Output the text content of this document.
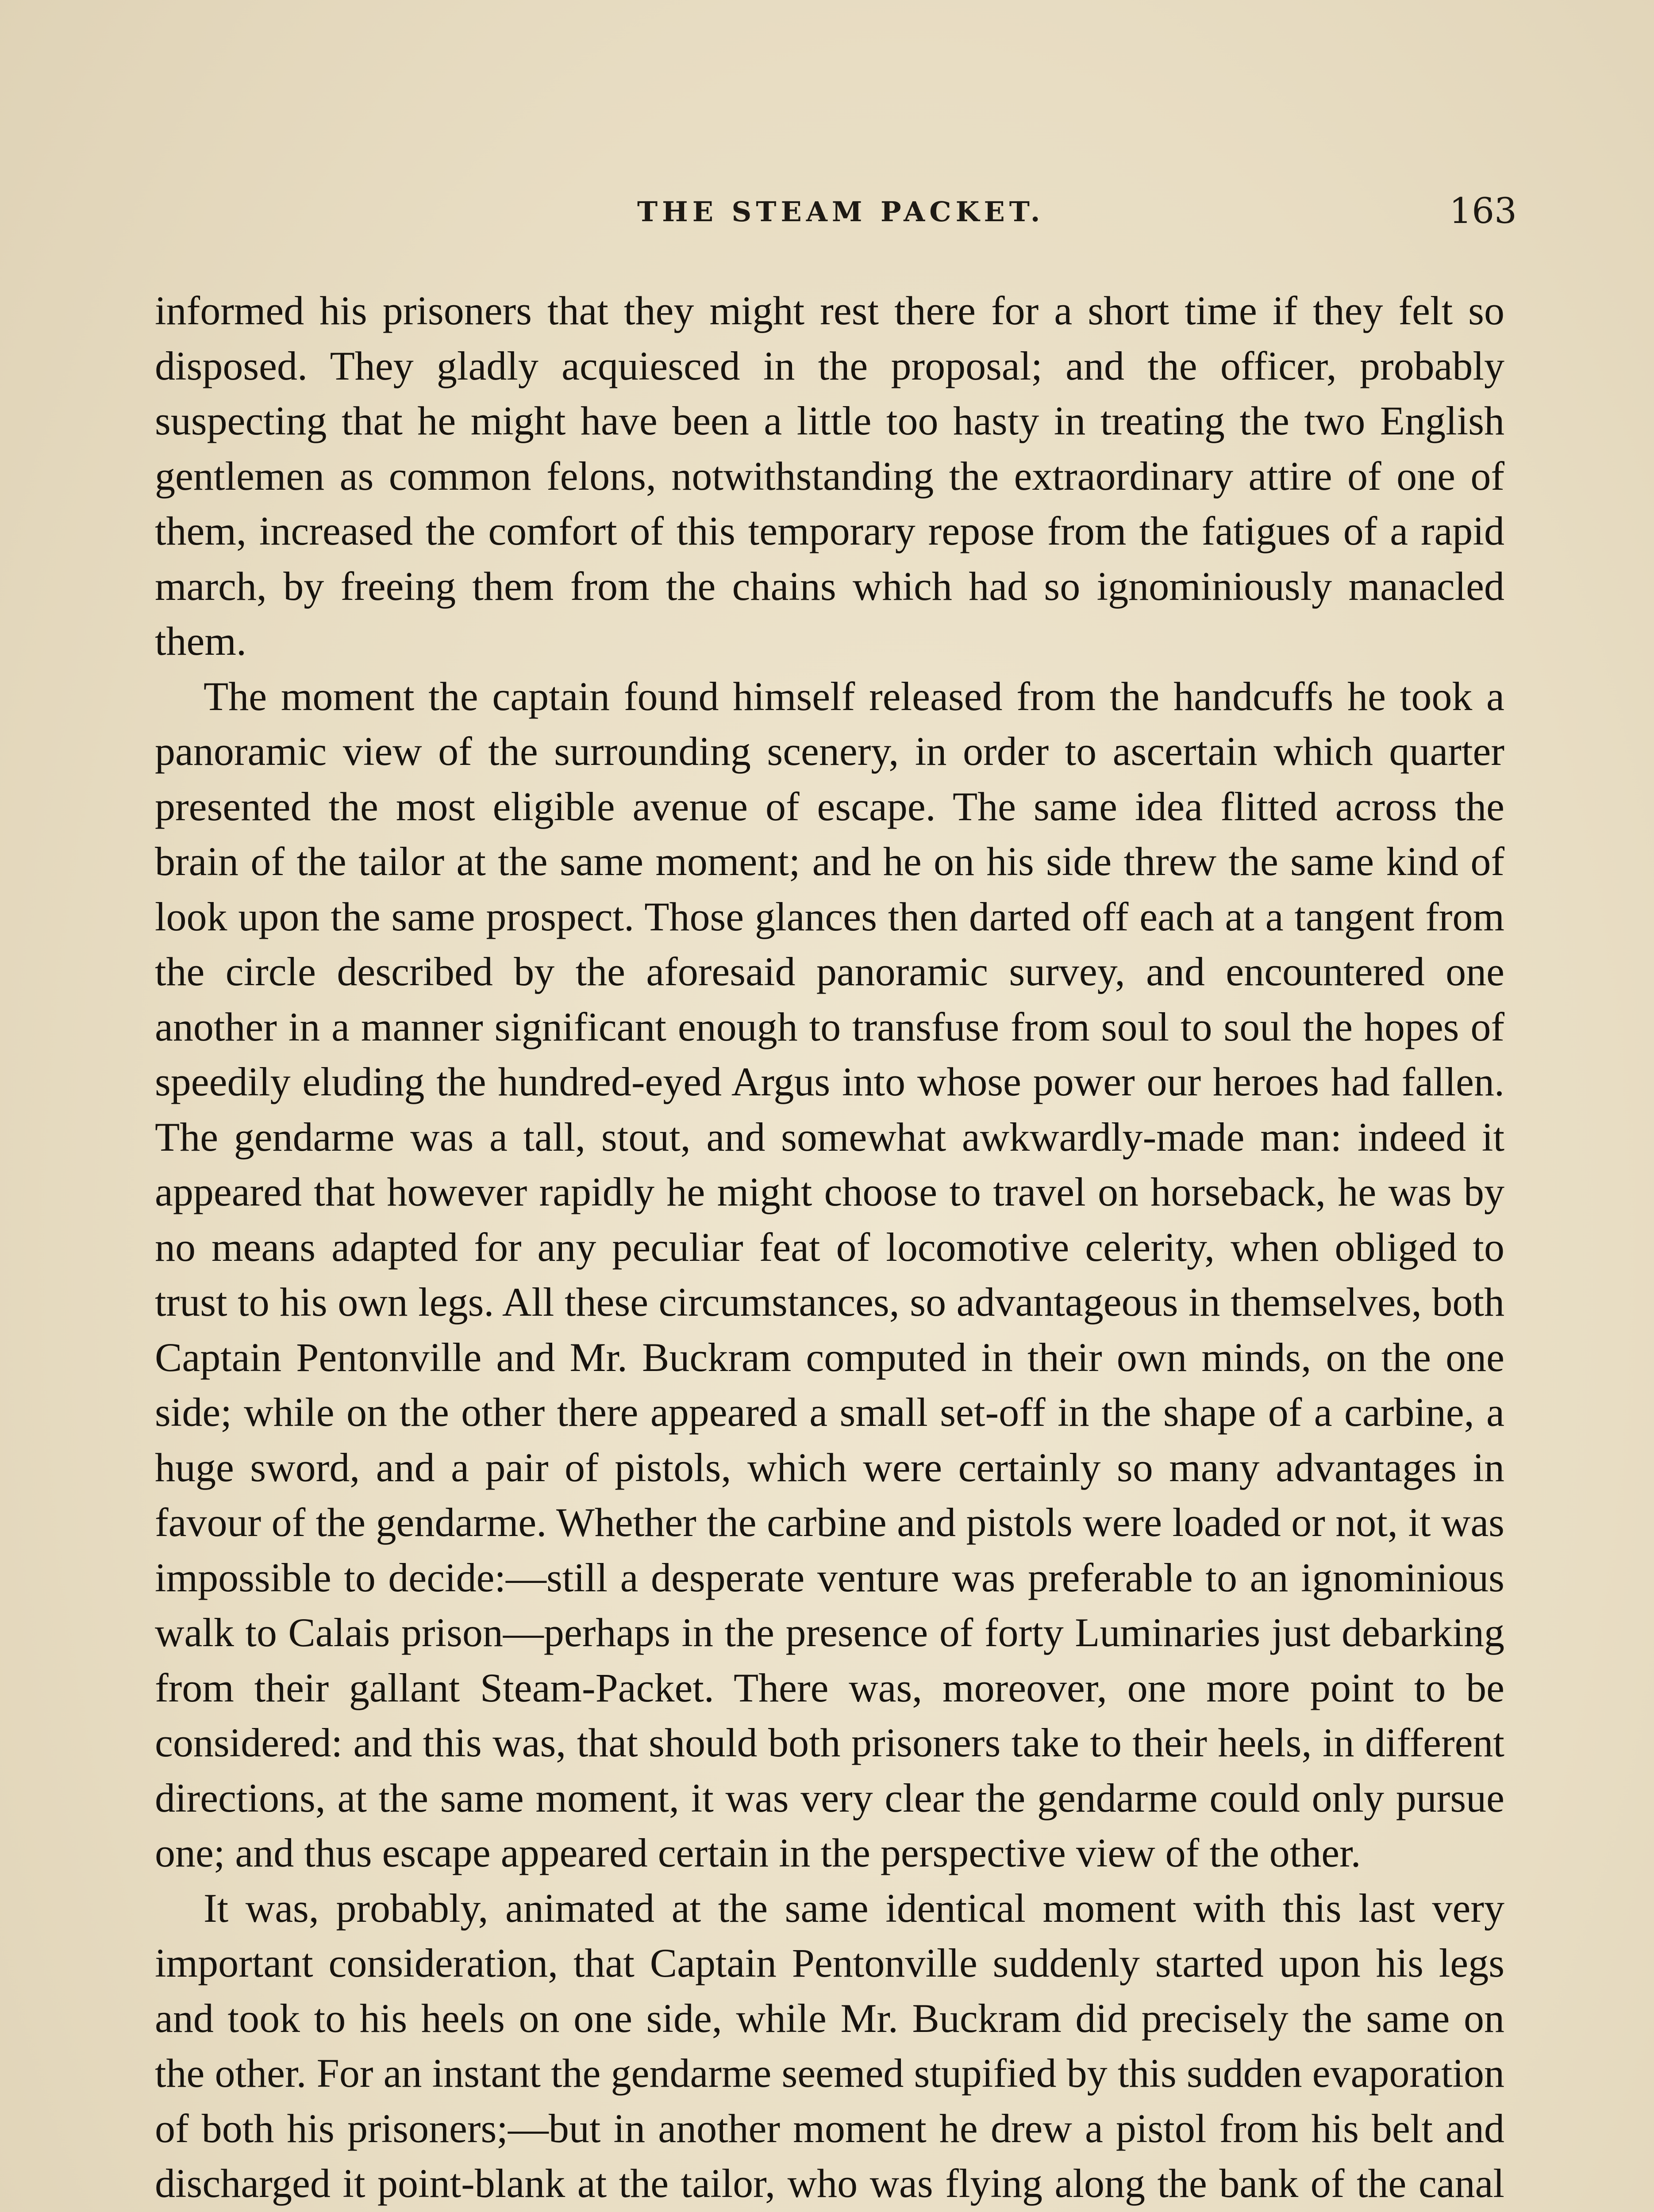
THE STEAM PACKET.	163

informed his prisoners that they might rest there for a short time if they felt so disposed. They gladly acquiesced in the proposal; and the officer, probably suspecting that he might have been a little too hasty in treating the two English gentlemen as common felons, notwithstanding the extraordinary attire of one of them, increased the comfort of this temporary repose from the fatigues of a rapid march, by freeing them from the chains which had so ignominiously manacled them.

The moment the captain found himself released from the handcuffs he took a panoramic view of the surrounding scenery, in order to ascertain which quarter presented the most eligible avenue of escape. The same idea flitted across the brain of the tailor at the same moment; and he on his side threw the same kind of look upon the same prospect. Those glances then darted off each at a tangent from the circle described by the aforesaid panoramic survey, and encountered one another in a manner significant enough to transfuse from soul to soul the hopes of speedily eluding the hundred-eyed Argus into whose power our heroes had fallen. The gendarme was a tall, stout, and somewhat awkwardly-made man: indeed it appeared that however rapidly he might choose to travel on horseback, he was by no means adapted for any peculiar feat of locomotive celerity, when obliged to trust to his own legs. All these circumstances, so advantageous in themselves, both Captain Pentonville and Mr. Buckram computed in their own minds, on the one side; while on the other there appeared a small set-off in the shape of a carbine, a huge sword, and a pair of pistols, which were certainly so many advantages in favour of the gendarme. Whether the carbine and pistols were loaded or not, it was impossible to decide:—still a desperate venture was preferable to an ignominious walk to Calais prison—perhaps in the presence of forty Luminaries just debarking from their gallant Steam-Packet. There was, moreover, one more point to be considered: and this was, that should both prisoners take to their heels, in different directions, at the same moment, it was very clear the gendarme could only pursue one; and thus escape appeared certain in the perspective view of the other.

It was, probably, animated at the same identical moment with this last very important consideration, that Captain Pentonville suddenly started upon his legs and took to his heels on one side, while Mr. Buckram did precisely the same on the other. For an instant the gendarme seemed stupified by this sudden evaporation of both his prisoners;—but in another moment he drew a pistol from his belt and discharged it point-blank at the tailor, who was flying along the bank of the canal
